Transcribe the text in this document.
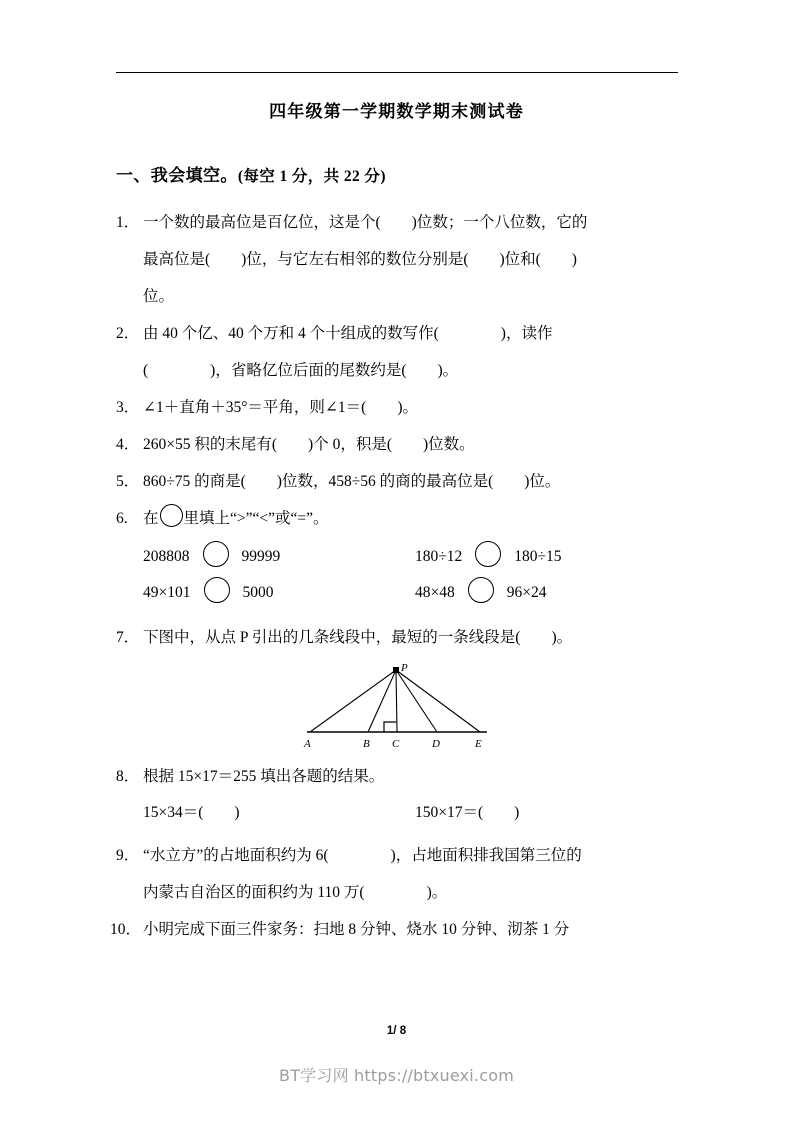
四年级第一学期数学期末测试卷
一、我会填空。(每空 1 分，共 22 分)
1． 一个数的最高位是百亿位，这是个(        )位数；一个八位数，它的
最高位是(        )位，与它左右相邻的数位分别是(        )位和(        )
位。
2． 由 40 个亿、40 个万和 4 个十组成的数写作(                )，读作
(                )，省略亿位后面的尾数约是(        )。
3． ∠1＋直角＋35°＝平角，则∠1＝(        )。
4． 260×55 积的末尾有(        )个 0，积是(        )位数。
5． 860÷75 的商是(        )位数，458÷56 的商的最高位是(        )位。
6. 在 里填上“>”“<”或“=”。
208808	99999	180÷12	180÷15
49×101	5000	48×48	96×24
7． 下图中，从点 P 引出的几条线段中，最短的一条线段是(        )。
P
A	B C	D	E
8． 根据 15×17＝255 填出各题的结果。
15×34＝(        )	150×17＝(        )
9． “水立方”的占地面积约为 6(                )，占地面积排我国第三位的
内蒙古自治区的面积约为 110 万(                )。
10． 小明完成下面三件家务：扫地 8 分钟、烧水 10 分钟、沏茶 1 分
1/ 8
BT学习网 https://btxuexi.com
